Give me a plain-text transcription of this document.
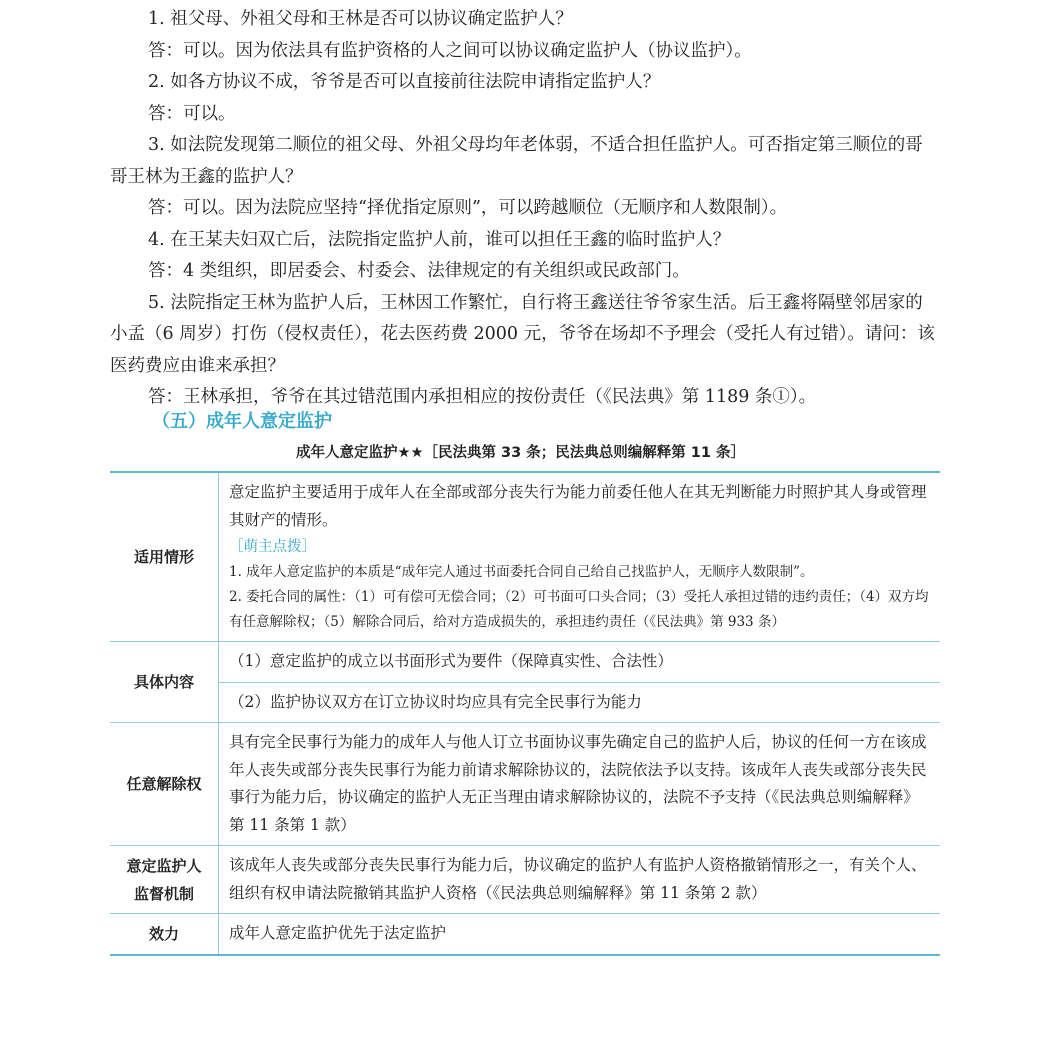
1. 祖父母、外祖父母和王林是否可以协议确定监护人？

答：可以。因为依法具有监护资格的人之间可以协议确定监护人（协议监护）。

2. 如各方协议不成，爷爷是否可以直接前往法院申请指定监护人？

答：可以。

3. 如法院发现第二顺位的祖父母、外祖父母均年老体弱，不适合担任监护人。可否指定第三顺位的哥哥王林为王鑫的监护人？

答：可以。因为法院应坚持“择优指定原则”，可以跨越顺位（无顺序和人数限制）。

4. 在王某夫妇双亡后，法院指定监护人前，谁可以担任王鑫的临时监护人？

答：4 类组织，即居委会、村委会、法律规定的有关组织或民政部门。

5. 法院指定王林为监护人后，王林因工作繁忙，自行将王鑫送往爷爷家生活。后王鑫将隔壁邻居家的小孟（6 周岁）打伤（侵权责任），花去医药费 2000 元，爷爷在场却不予理会（受托人有过错）。请问：该医药费应由谁来承担？

答：王林承担，爷爷在其过错范围内承担相应的按份责任（《民法典》第 1189 条①）。

（五）成年人意定监护
成年人意定监护★★［民法典第 33 条；民法典总则编解释第 11 条］
适用情形	意定监护主要适用于成年人在全部或部分丧失行为能力前委任他人在其无判断能力时照护其人身或管理其财产的情形。
［萌主点拨］
1. 成年人意定监护的本质是“成年完人通过书面委托合同自己给自己找监护人，无顺序人数限制”。
2. 委托合同的属性：（1）可有偿可无偿合同；（2）可书面可口头合同；（3）受托人承担过错的违约责任；（4）双方均有任意解除权；（5）解除合同后，给对方造成损失的，承担违约责任（《民法典》第 933 条）

具体内容	（1）意定监护的成立以书面形式为要件（保障真实性、合法性）
	（2）监护协议双方在订立协议时均应具有完全民事行为能力
任意解除权	具有完全民事行为能力的成年人与他人订立书面协议事先确定自己的监护人后，协议的任何一方在该成年人丧失或部分丧失民事行为能力前请求解除协议的，法院依法予以支持。该成年人丧失或部分丧失民事行为能力后，协议确定的监护人无正当理由请求解除协议的，法院不予支持（《民法典总则编解释》第 11 条第 1 款）

意定监护人
监督机制	该成年人丧失或部分丧失民事行为能力后，协议确定的监护人有监护人资格撤销情形之一，有关个人、组织有权申请法院撤销其监护人资格（《民法典总则编解释》第 11 条第 2 款）
效力	成年人意定监护优先于法定监护
